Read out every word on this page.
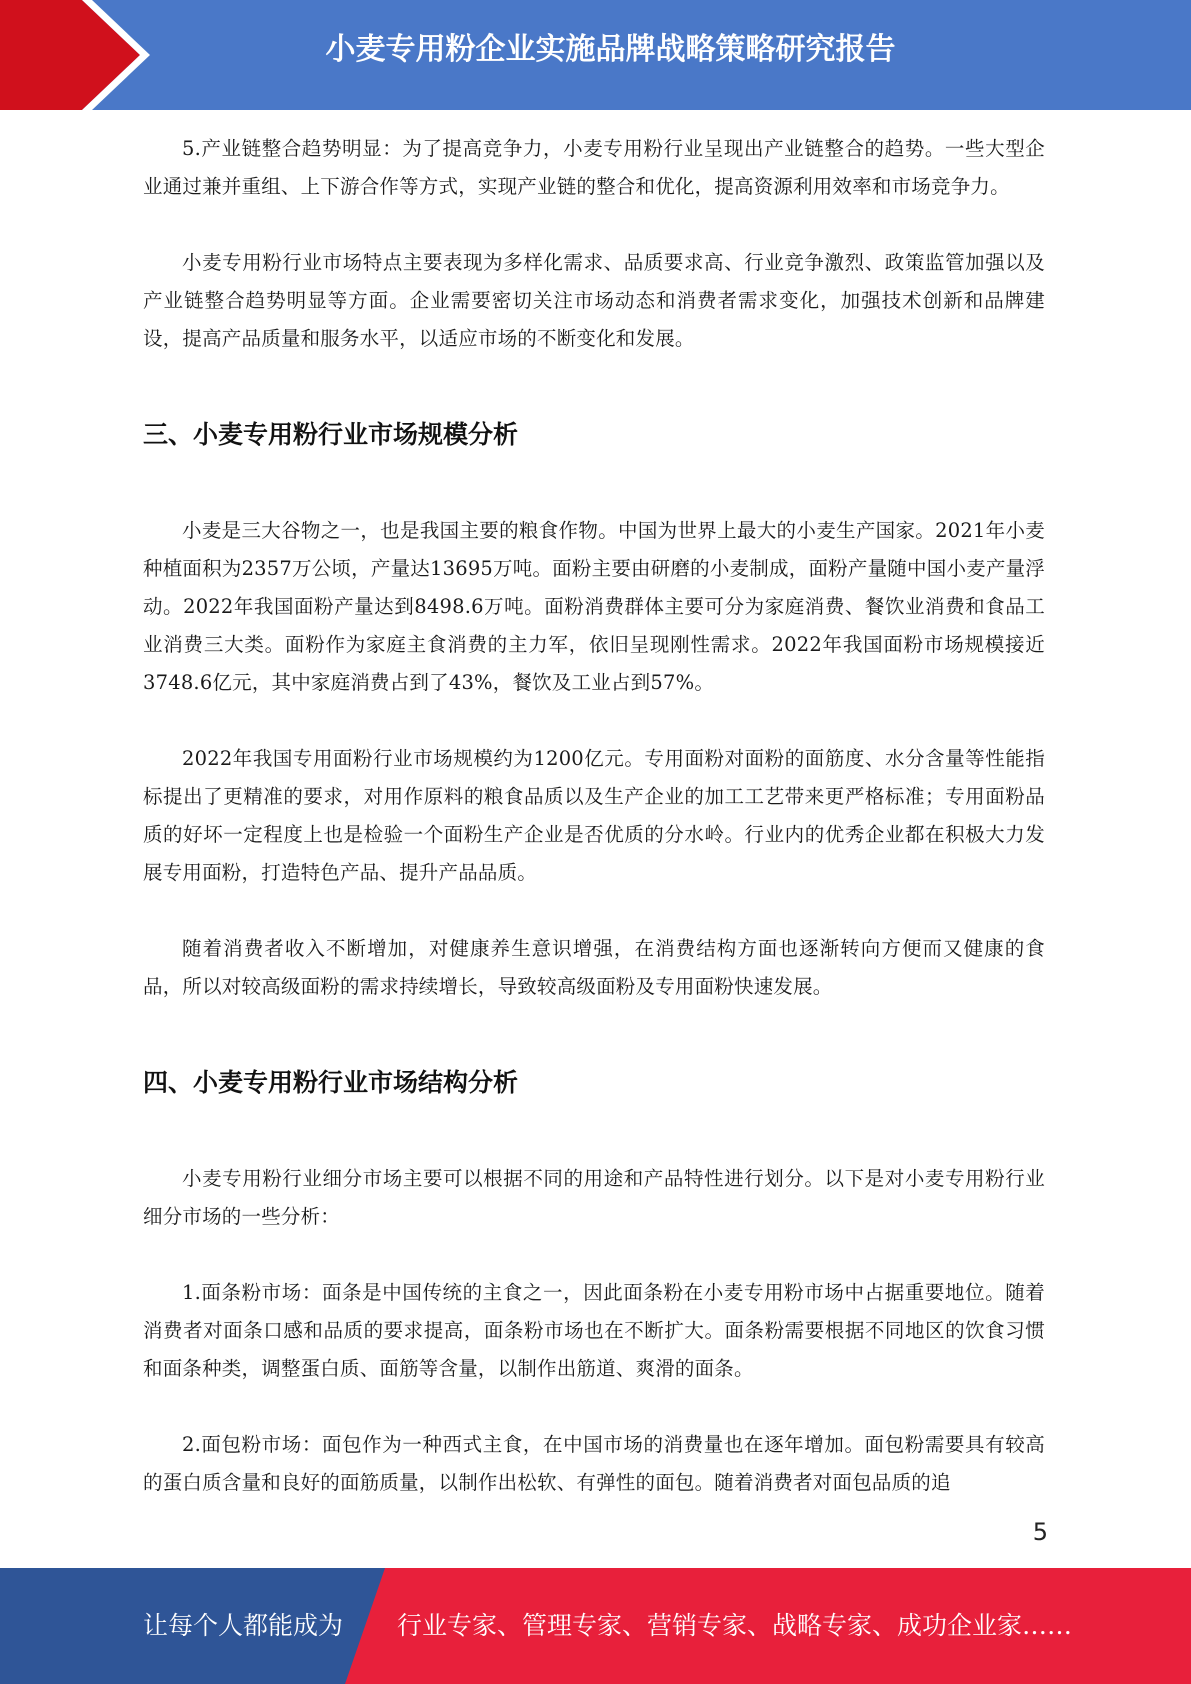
小麦专用粉企业实施品牌战略策略研究报告

5.产业链整合趋势明显：为了提高竞争力，小麦专用粉行业呈现出产业链整合的趋势。一些大型企业通过兼并重组、上下游合作等方式，实现产业链的整合和优化，提高资源利用效率和市场竞争力。

小麦专用粉行业市场特点主要表现为多样化需求、品质要求高、行业竞争激烈、政策监管加强以及产业链整合趋势明显等方面。企业需要密切关注市场动态和消费者需求变化，加强技术创新和品牌建设，提高产品质量和服务水平，以适应市场的不断变化和发展。

三、小麦专用粉行业市场规模分析

小麦是三大谷物之一，也是我国主要的粮食作物。中国为世界上最大的小麦生产国家。2021年小麦种植面积为2357万公顷，产量达13695万吨。面粉主要由研磨的小麦制成，面粉产量随中国小麦产量浮动。2022年我国面粉产量达到8498.6万吨。面粉消费群体主要可分为家庭消费、餐饮业消费和食品工业消费三大类。面粉作为家庭主食消费的主力军，依旧呈现刚性需求。2022年我国面粉市场规模接近3748.6亿元，其中家庭消费占到了43%，餐饮及工业占到57%。

2022年我国专用面粉行业市场规模约为1200亿元。专用面粉对面粉的面筋度、水分含量等性能指标提出了更精准的要求，对用作原料的粮食品质以及生产企业的加工工艺带来更严格标准；专用面粉品质的好坏一定程度上也是检验一个面粉生产企业是否优质的分水岭。行业内的优秀企业都在积极大力发展专用面粉，打造特色产品、提升产品品质。

随着消费者收入不断增加，对健康养生意识增强，在消费结构方面也逐渐转向方便而又健康的食品，所以对较高级面粉的需求持续增长，导致较高级面粉及专用面粉快速发展。

四、小麦专用粉行业市场结构分析

小麦专用粉行业细分市场主要可以根据不同的用途和产品特性进行划分。以下是对小麦专用粉行业细分市场的一些分析：

1.面条粉市场：面条是中国传统的主食之一，因此面条粉在小麦专用粉市场中占据重要地位。随着消费者对面条口感和品质的要求提高，面条粉市场也在不断扩大。面条粉需要根据不同地区的饮食习惯和面条种类，调整蛋白质、面筋等含量，以制作出筋道、爽滑的面条。

2.面包粉市场：面包作为一种西式主食，在中国市场的消费量也在逐年增加。面包粉需要具有较高的蛋白质含量和良好的面筋质量，以制作出松软、有弹性的面包。随着消费者对面包品质的追

5
让每个人都能成为 行业专家、管理专家、营销专家、战略专家、成功企业家……
